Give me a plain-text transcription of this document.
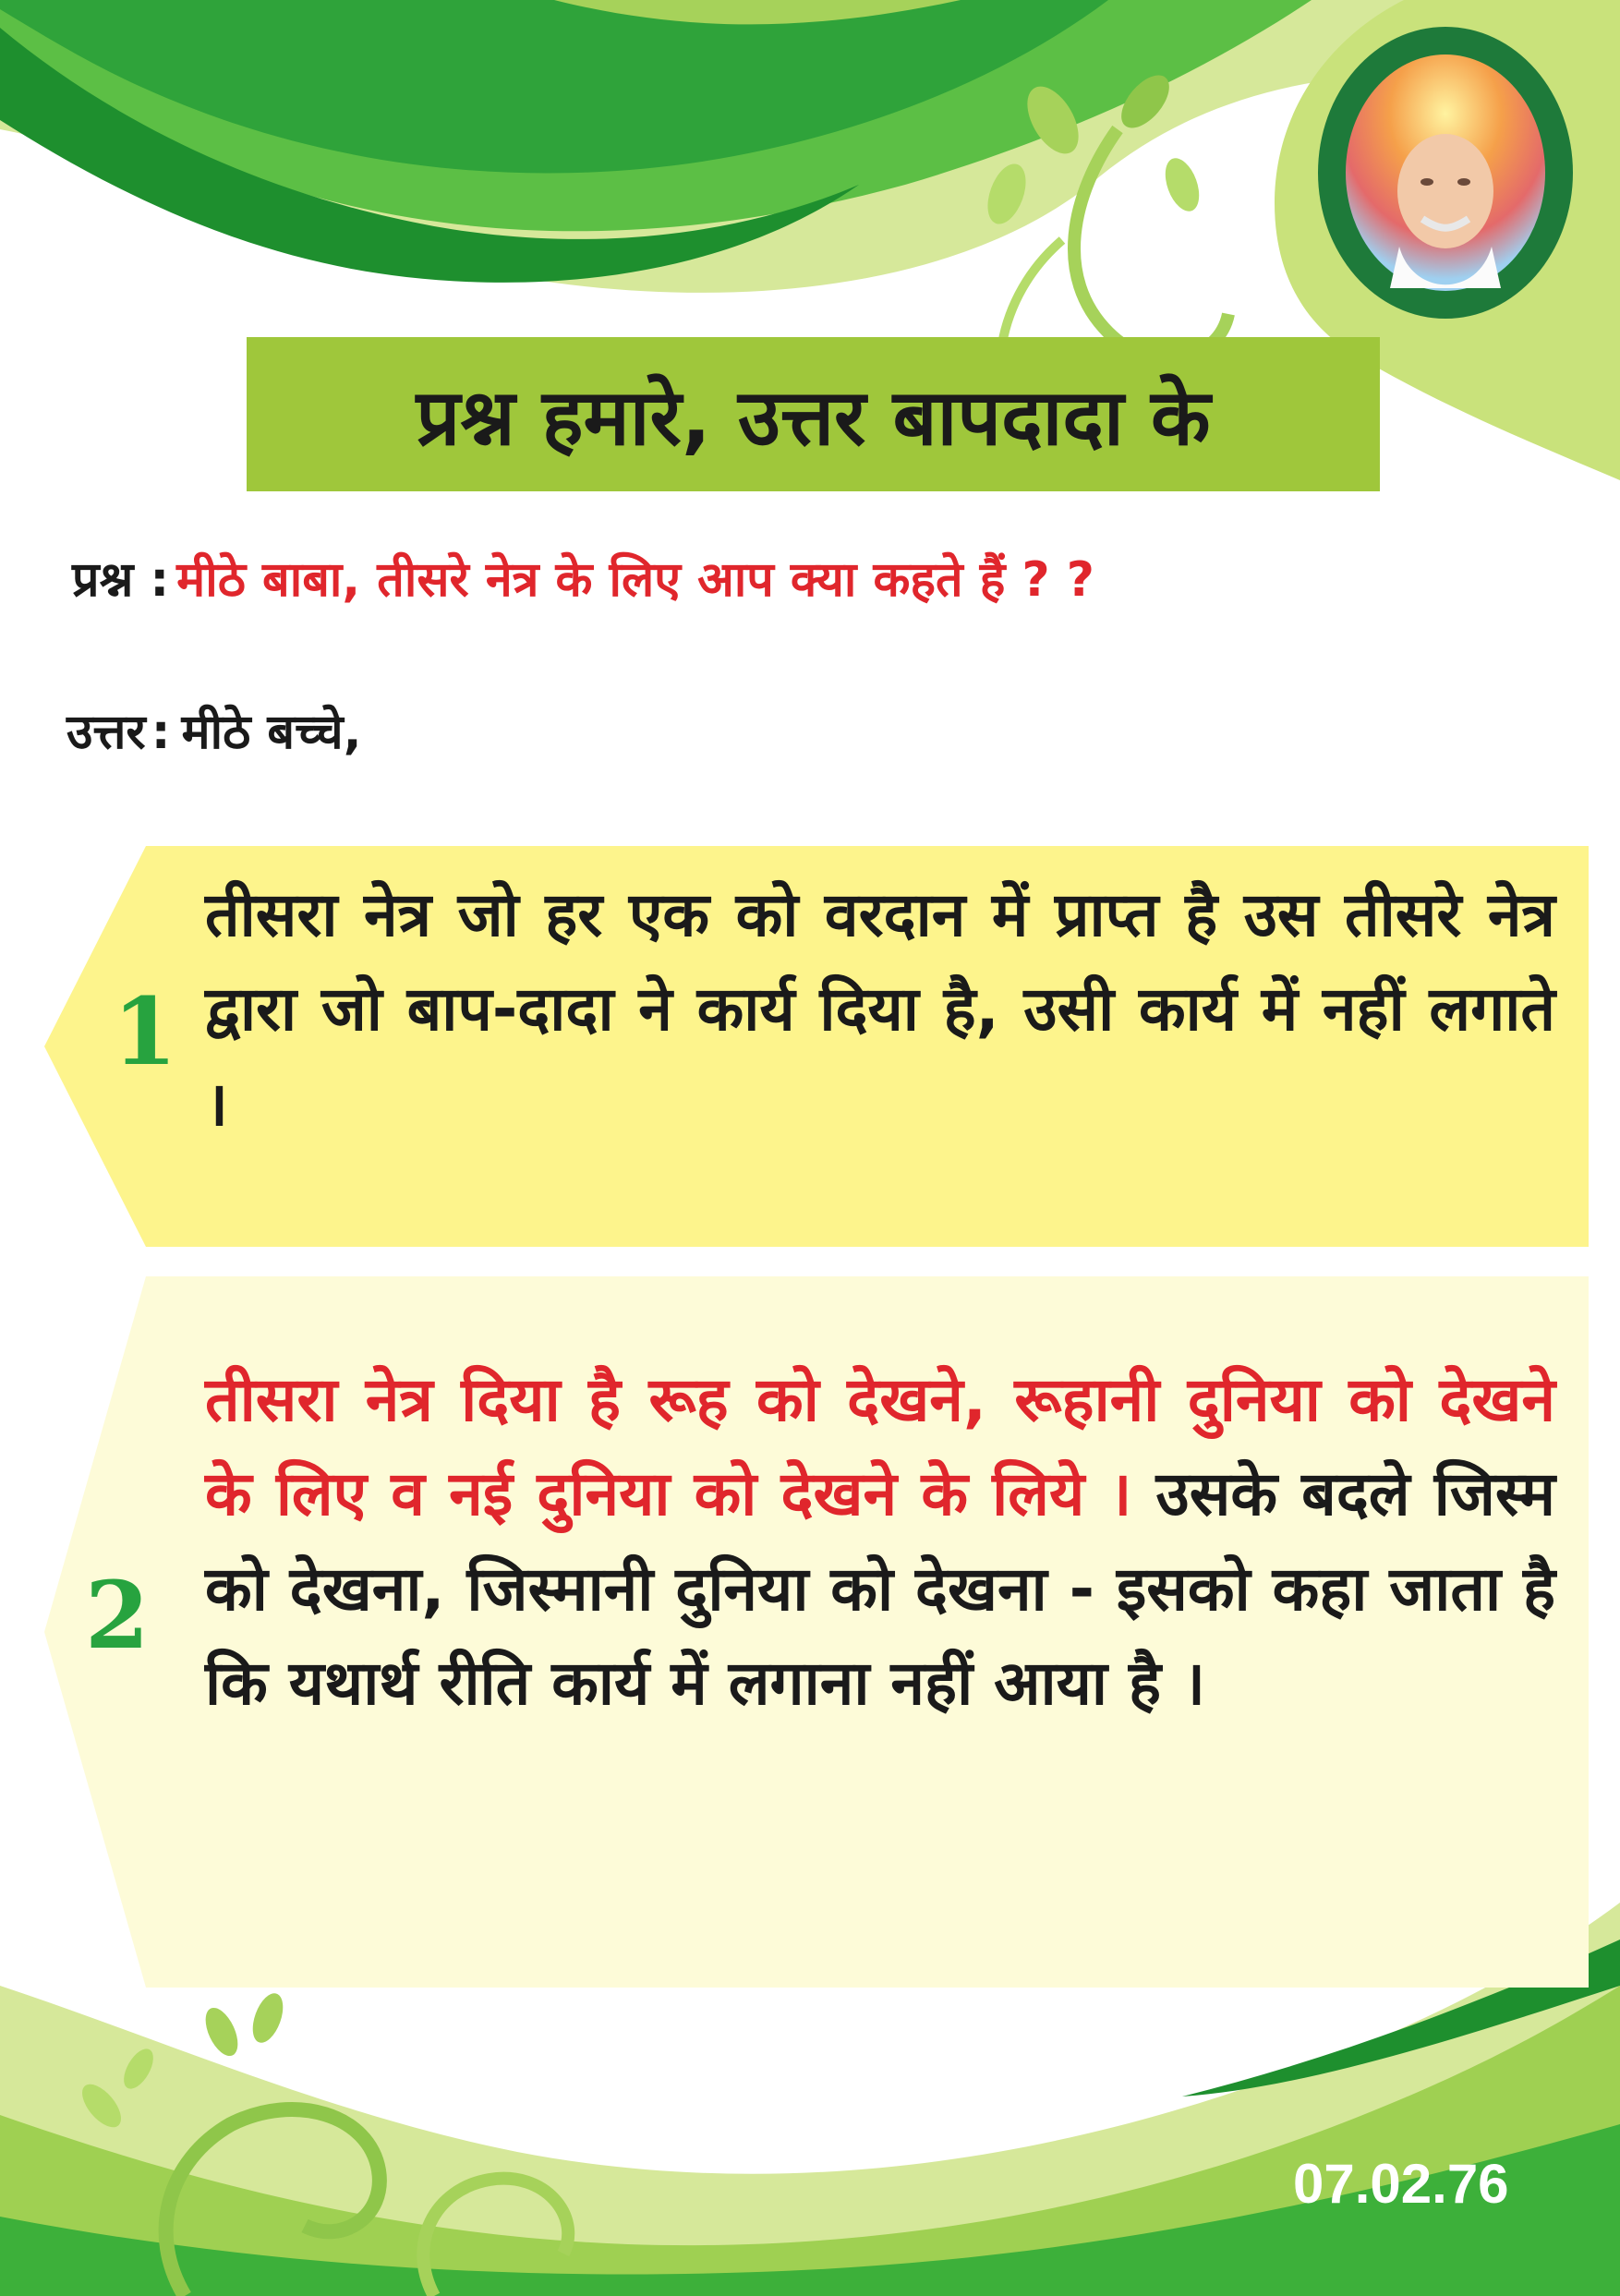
प्रश्न हमारे, उत्तर बापदादा के
प्रश्न : मीठे बाबा, तीसरे नेत्र के लिए आप क्या कहते हैं ? ?
उत्तर : मीठे बच्चे,
1
तीसरा नेत्र जो हर एक को वरदान में प्राप्त है उस तीसरे नेत्र द्वारा जो बाप-दादा ने कार्य दिया है, उसी कार्य में नहीं लगाते ।
2
तीसरा नेत्र दिया है रूह को देखने, रूहानी दुनिया को देखने के लिए व नई दुनिया को देखने के लिये । उसके बदले जिस्म को देखना, जिस्मानी दुनिया को देखना - इसको कहा जाता है कि यथार्थ रीति कार्य में लगाना नहीं आया है ।
07.02.76
